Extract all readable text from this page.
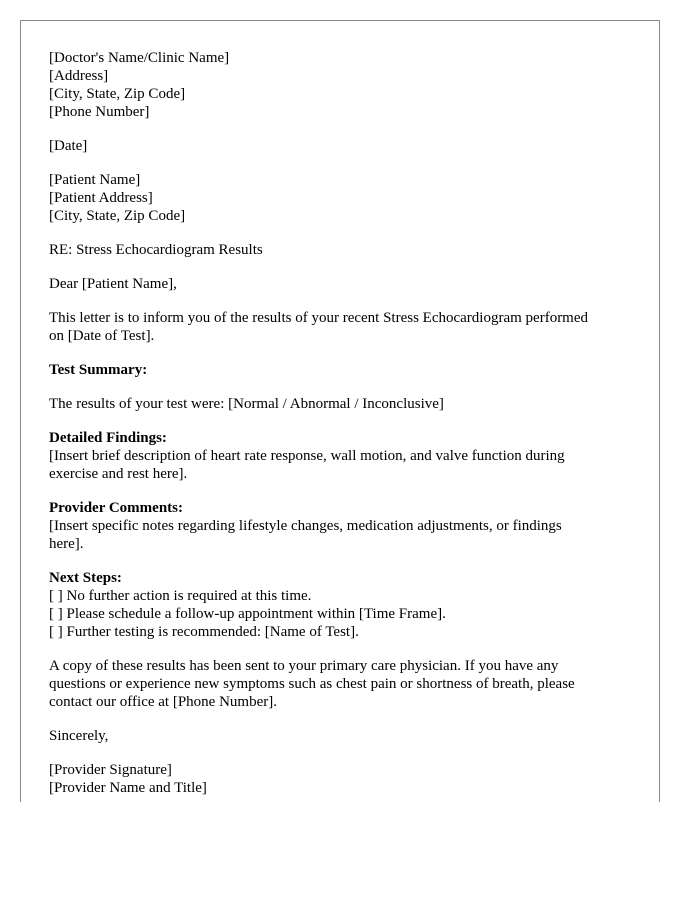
[Doctor's Name/Clinic Name]
[Address]
[City, State, Zip Code]
[Phone Number]
[Date]
[Patient Name]
[Patient Address]
[City, State, Zip Code]
RE: Stress Echocardiogram Results
Dear [Patient Name],
This letter is to inform you of the results of your recent Stress Echocardiogram performed
on [Date of Test].
Test Summary:
The results of your test were: [Normal / Abnormal / Inconclusive]
Detailed Findings:
[Insert brief description of heart rate response, wall motion, and valve function during
exercise and rest here].
Provider Comments:
[Insert specific notes regarding lifestyle changes, medication adjustments, or findings
here].
Next Steps:
[ ] No further action is required at this time.
[ ] Please schedule a follow-up appointment within [Time Frame].
[ ] Further testing is recommended: [Name of Test].
A copy of these results has been sent to your primary care physician. If you have any
questions or experience new symptoms such as chest pain or shortness of breath, please
contact our office at [Phone Number].
Sincerely,
[Provider Signature]
[Provider Name and Title]
